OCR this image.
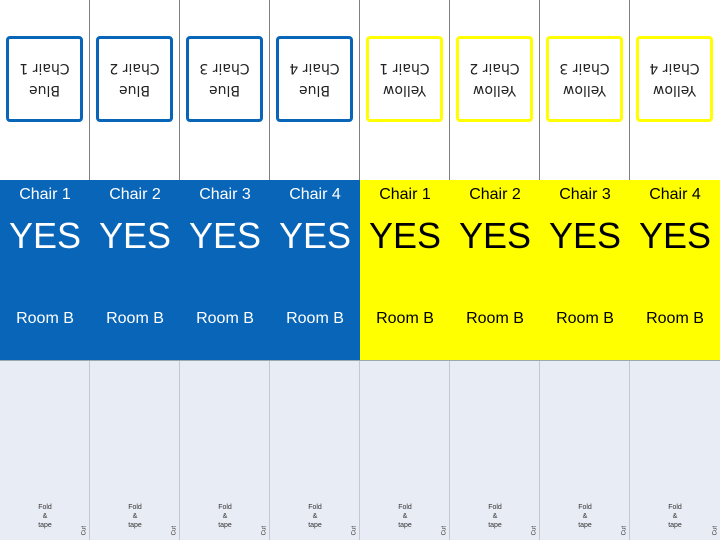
Blue
Chair 1
Chair 1
YES
Room B
Fold
&
tape
Cut
Blue
Chair 2
Chair 2
YES
Room B
Fold
&
tape
Cut
Blue
Chair 3
Chair 3
YES
Room B
Fold
&
tape
Cut
Blue
Chair 4
Chair 4
YES
Room B
Fold
&
tape
Cut
Yellow
Chair 1
Chair 1
YES
Room B
Fold
&
tape
Cut
Yellow
Chair 2
Chair 2
YES
Room B
Fold
&
tape
Cut
Yellow
Chair 3
Chair 3
YES
Room B
Fold
&
tape
Cut
Yellow
Chair 4
Chair 4
YES
Room B
Fold
&
tape
Cut
